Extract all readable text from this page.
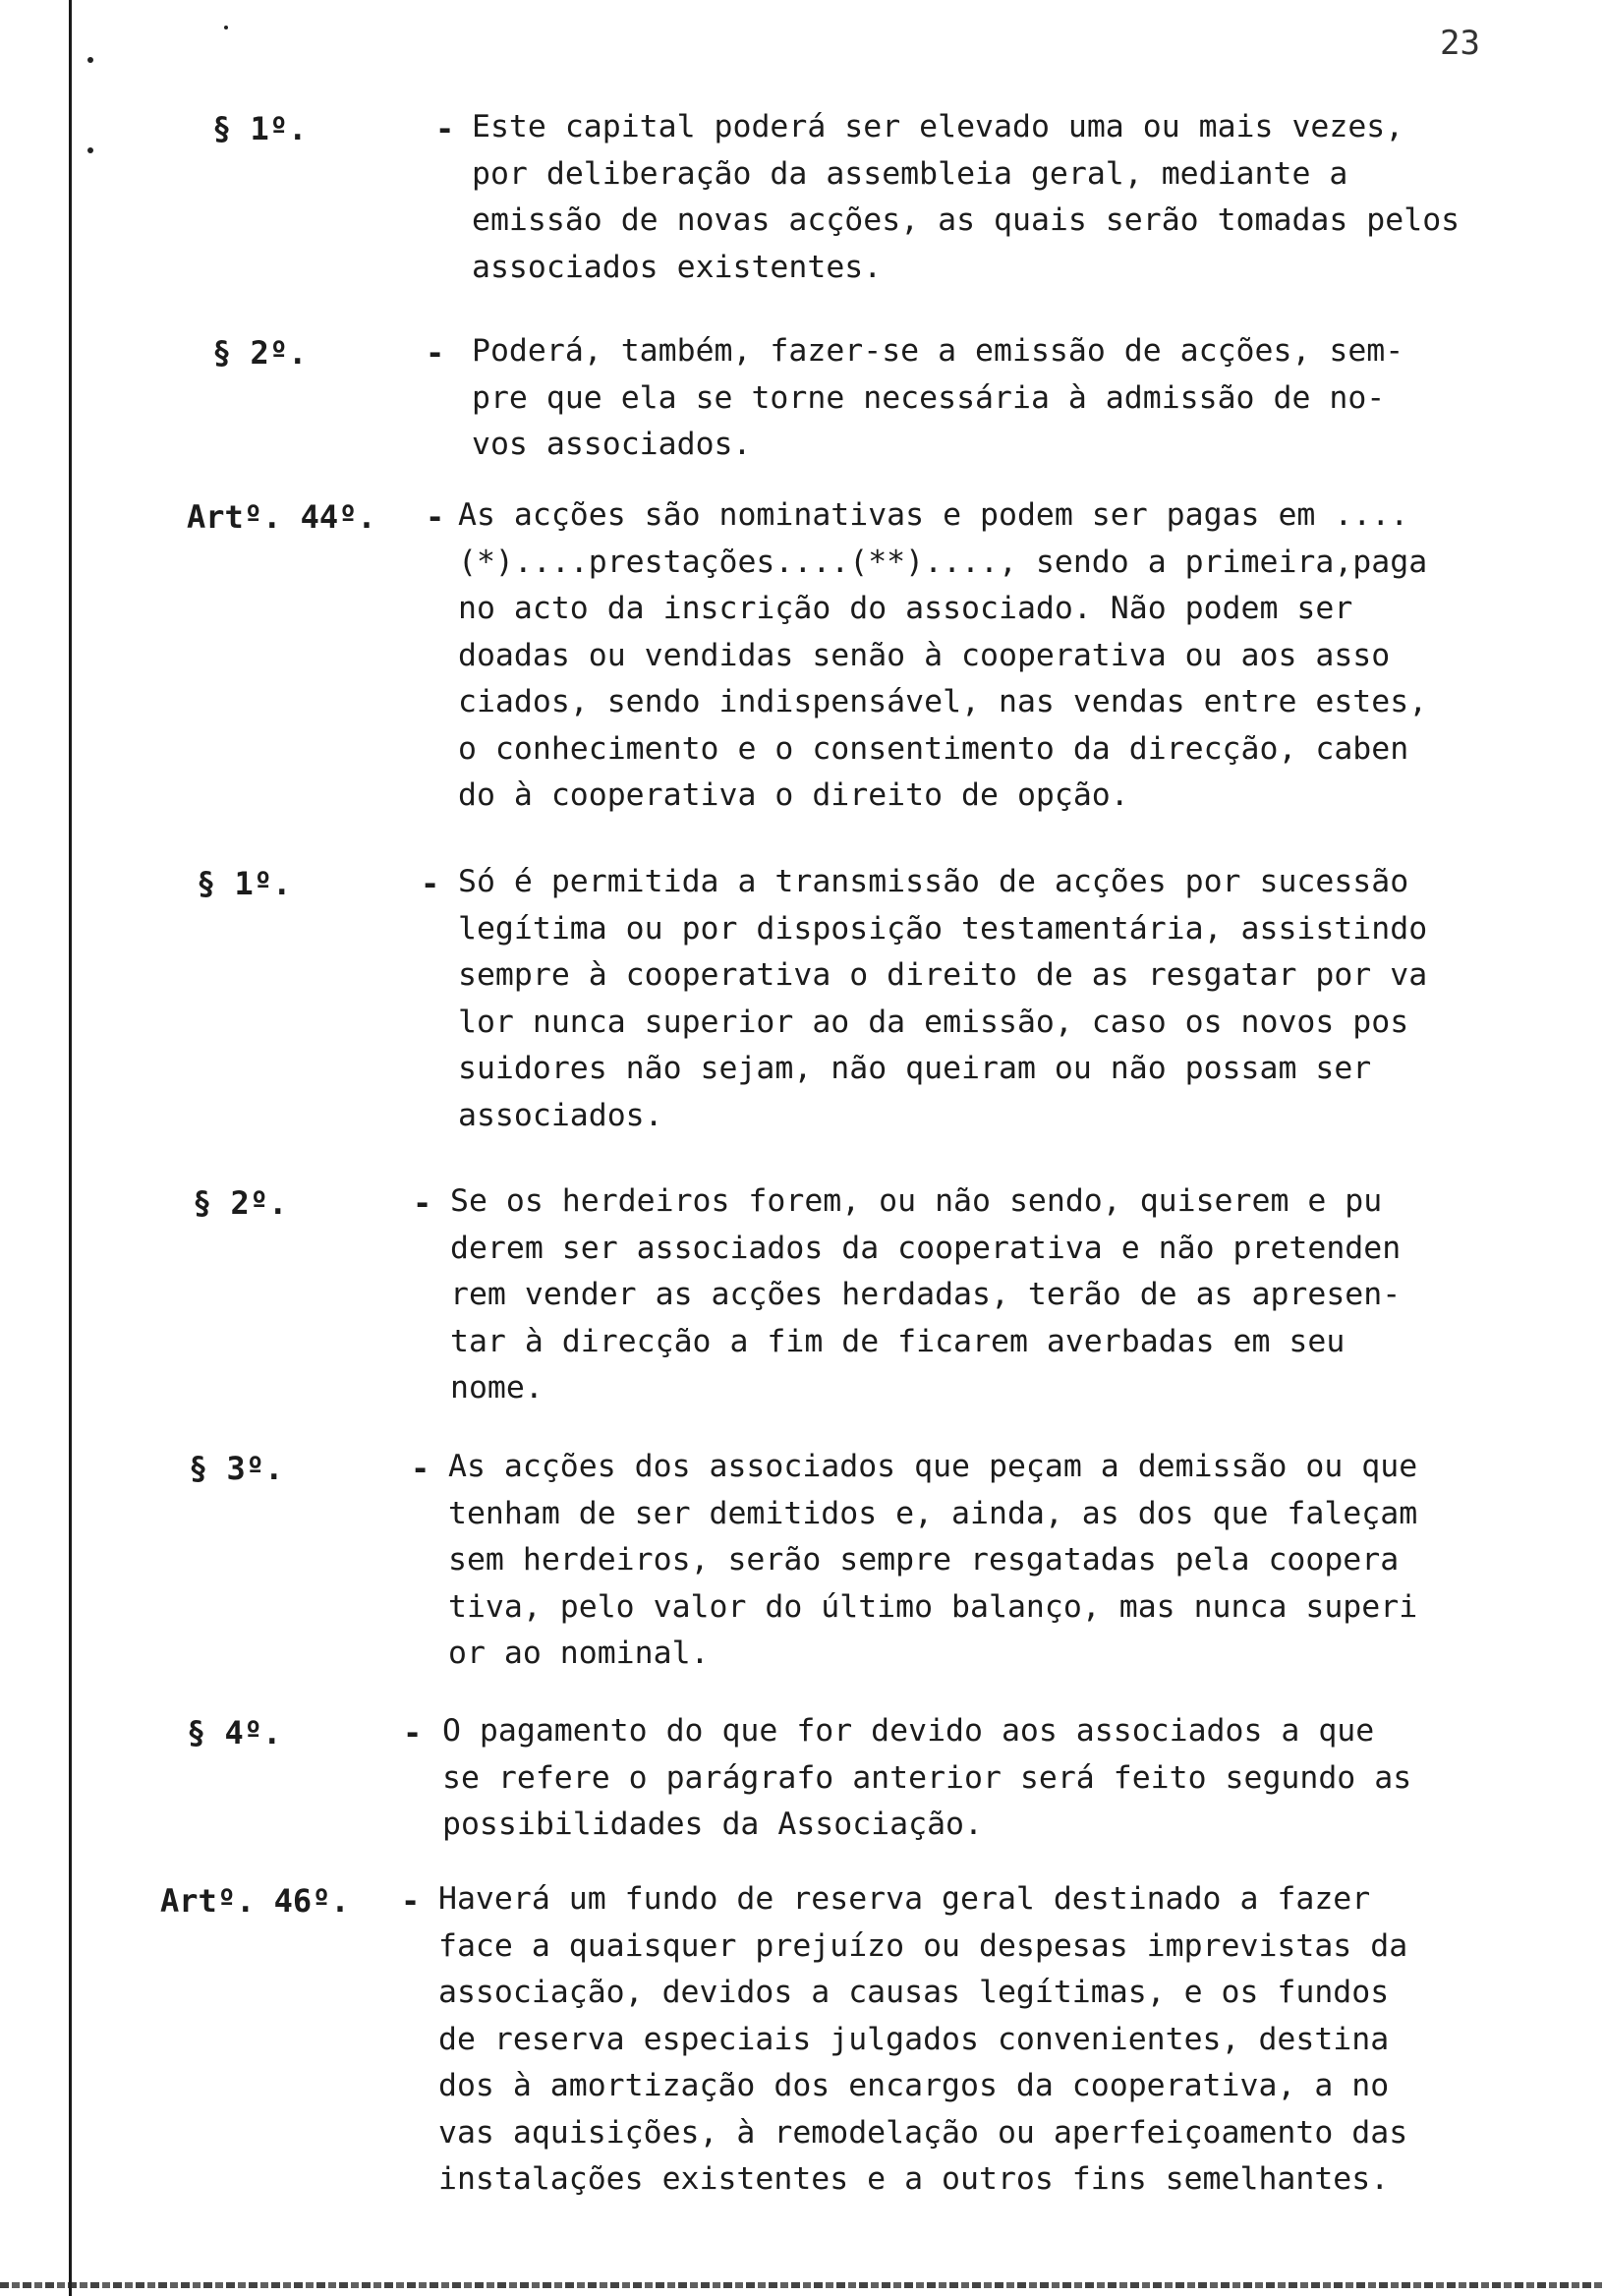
23
§ 1º.	- Este capital poderá ser elevado uma ou mais vezes,
por deliberação da assembleia geral, mediante a
emissão de novas acções, as quais serão tomadas pelos
associados existentes.
§ 2º.	- Poderá, também, fazer-se a emissão de acções, sem-
pre que ela se torne necessária à admissão de no-
vos associados.
Artº. 44º. - As acções são nominativas e podem ser pagas em ....
(*)....prestações....(**)...., sendo a primeira,paga
no acto da inscrição do associado. Não podem ser
doadas ou vendidas senão à cooperativa ou aos asso
ciados, sendo indispensável, nas vendas entre estes,
o conhecimento e o consentimento da direcção, caben
do à cooperativa o direito de opção.
§ 1º.	- Só é permitida a transmissão de acções por sucessão
legítima ou por disposição testamentária, assistindo
sempre à cooperativa o direito de as resgatar por va
lor nunca superior ao da emissão, caso os novos pos
suidores não sejam, não queiram ou não possam ser
associados.
§ 2º.	- Se os herdeiros forem, ou não sendo, quiserem e pu
derem ser associados da cooperativa e não pretenden
rem vender as acções herdadas, terão de as apresen-
tar à direcção a fim de ficarem averbadas em seu
nome.
§ 3º.	- As acções dos associados que peçam a demissão ou que
tenham de ser demitidos e, ainda, as dos que faleçam
sem herdeiros, serão sempre resgatadas pela coopera
tiva, pelo valor do último balanço, mas nunca superi
or ao nominal.
§ 4º.	- O pagamento do que for devido aos associados a que
se refere o parágrafo anterior será feito segundo as
possibilidades da Associação.
Artº. 46º. - Haverá um fundo de reserva geral destinado a fazer
face a quaisquer prejuízo ou despesas imprevistas da
associação, devidos a causas legítimas, e os fundos
de reserva especiais julgados convenientes, destina
dos à amortização dos encargos da cooperativa, a no
vas aquisições, à remodelação ou aperfeiçoamento das
instalações existentes e a outros fins semelhantes.
